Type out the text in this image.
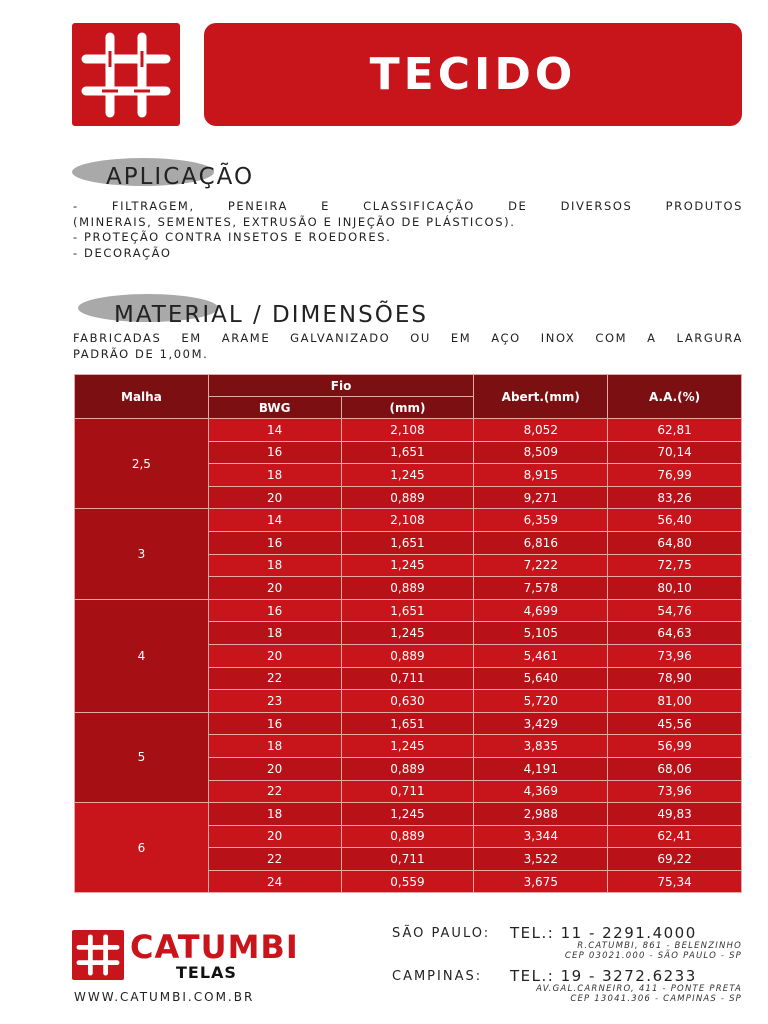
TECIDO
APLICAÇÃO
- FILTRAGEM, PENEIRA E CLASSIFICAÇÃO DE DIVERSOS PRODUTOS
(MINERAIS, SEMENTES, EXTRUSÃO E INJEÇÃO DE PLÁSTICOS).
- PROTEÇÃO CONTRA INSETOS E ROEDORES.
- DECORAÇÃO
MATERIAL / DIMENSÕES
FABRICADAS EM ARAME GALVANIZADO OU EM AÇO INOX COM A LARGURA
PADRÃO DE 1,00M.
Malha	Fio		Abert.(mm)	A.A.(%)
	BWG	(mm)		
2,5	14	2,108	8,052	62,81
	16	1,651	8,509	70,14
	18	1,245	8,915	76,99
	20	0,889	9,271	83,26
3	14	2,108	6,359	56,40
	16	1,651	6,816	64,80
	18	1,245	7,222	72,75
	20	0,889	7,578	80,10
4	16	1,651	4,699	54,76
	18	1,245	5,105	64,63
	20	0,889	5,461	73,96
	22	0,711	5,640	78,90
	23	0,630	5,720	81,00
5	16	1,651	3,429	45,56
	18	1,245	3,835	56,99
	20	0,889	4,191	68,06
	22	0,711	4,369	73,96
6	18	1,245	2,988	49,83
	20	0,889	3,344	62,41
	22	0,711	3,522	69,22
	24	0,559	3,675	75,34
CATUMBI
TELAS
WWW.CATUMBI.COM.BR
SÃO PAULO: TEL.: 11 - 2291.4000
R.CATUMBI, 861 - BELENZINHO
CEP 03021.000 - SÃO PAULO - SP
CAMPINAS: TEL.: 19 - 3272.6233
AV.GAL.CARNEIRO, 411 - PONTE PRETA
CEP 13041.306 - CAMPINAS - SP
